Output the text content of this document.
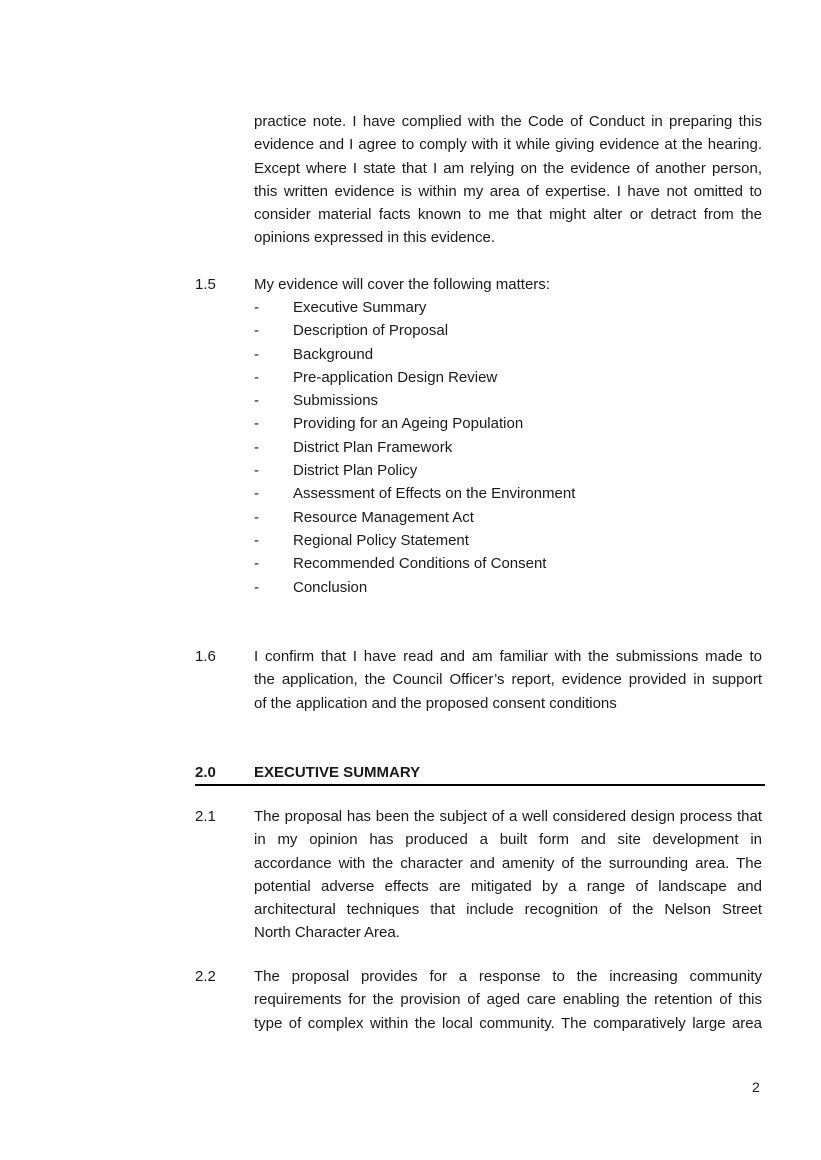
practice note. I have complied with the Code of Conduct in preparing this
evidence and I agree to comply with it while giving evidence at the hearing.
Except where I state that I am relying on the evidence of another person,
this written evidence is within my area of expertise. I have not omitted to
consider material facts known to me that might alter or detract from the
opinions expressed in this evidence.

1.5	My evidence will cover the following matters:

- Executive Summary
- Description of Proposal
- Background
- Pre-application Design Review
- Submissions
- Providing for an Ageing Population
- District Plan Framework
- District Plan Policy
- Assessment of Effects on the Environment
- Resource Management Act
- Regional Policy Statement
- Recommended Conditions of Consent
- Conclusion
1.6	I confirm that I have read and am familiar with the submissions made to
the application, the Council Officer’s report, evidence provided in support
of the application and the proposed consent conditions

2.0	EXECUTIVE SUMMARY
2.1	The proposal has been the subject of a well considered design process that
in my opinion has produced a built form and site development in
accordance with the character and amenity of the surrounding area. The
potential adverse effects are mitigated by a range of landscape and
architectural techniques that include recognition of the Nelson Street
North Character Area.

2.2	The proposal provides for a response to the increasing community
requirements for the provision of aged care enabling the retention of this
type of complex within the local community. The comparatively large area

2
